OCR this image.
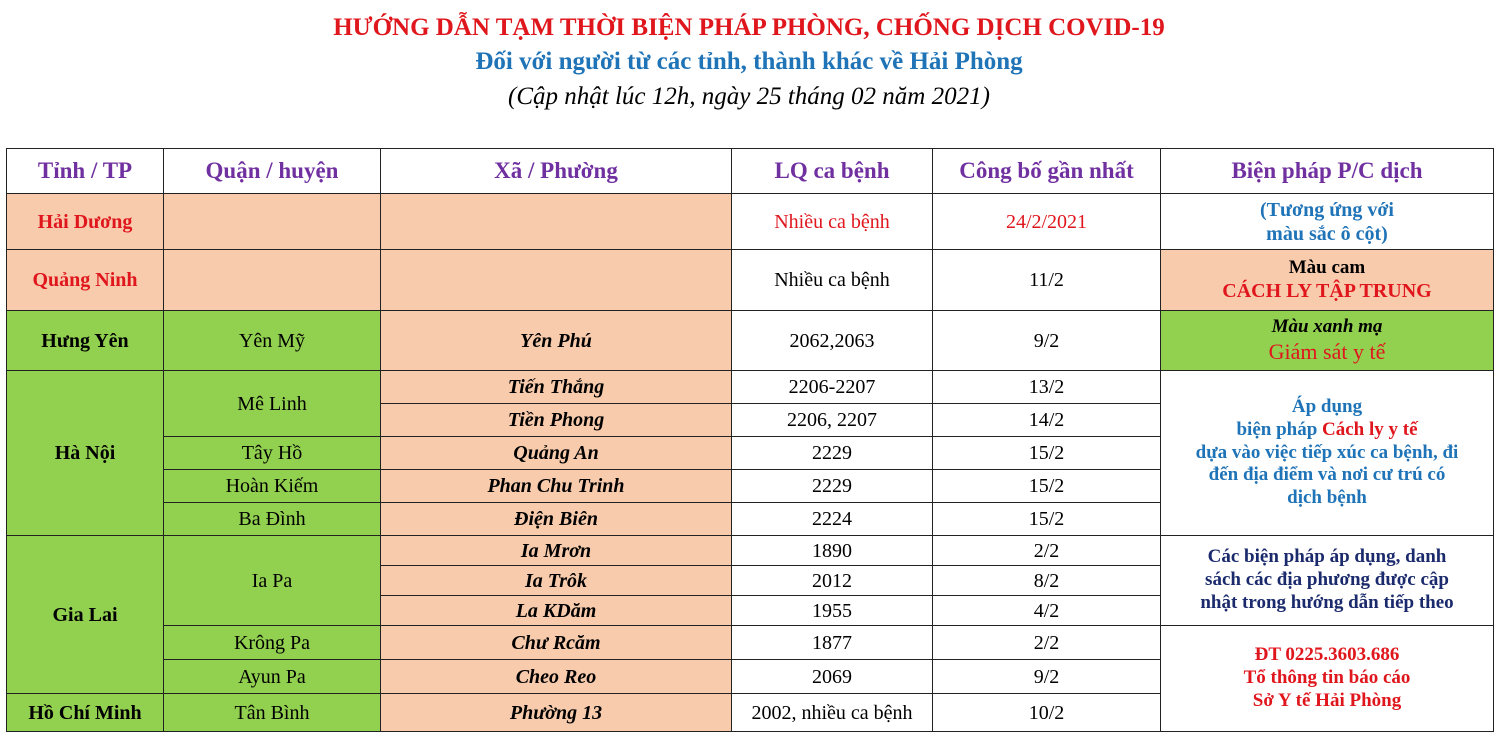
HƯỚNG DẪN TẠM THỜI BIỆN PHÁP PHÒNG, CHỐNG DỊCH COVID-19
Đối với người từ các tỉnh, thành khác về Hải Phòng
(Cập nhật lúc 12h, ngày 25 tháng 02 năm 2021)
Tỉnh / TP	Quận / huyện	Xã / Phường	LQ ca bệnh	Công bố gần nhất	Biện pháp P/C dịch
Hải Dương			Nhiều ca bệnh	24/2/2021	(Tương ứng với
màu sắc ô cột)

Quảng Ninh			Nhiều ca bệnh	11/2	Màu cam
CÁCH LY TẬP TRUNG

Hưng Yên	Yên Mỹ	Yên Phú	2062,2063	9/2	Màu xanh mạ
Giám sát y tế

Hà Nội	Mê Linh	Tiến Thắng	2206-2207	13/2	Áp dụng
biện pháp Cách ly y tế
dựa vào việc tiếp xúc ca bệnh, đi
đến địa điểm và nơi cư trú có
dịch bệnh

		Tiền Phong	2206, 2207	14/2	
	Tây Hồ	Quảng An	2229	15/2	
	Hoàn Kiếm	Phan Chu Trinh	2229	15/2	
	Ba Đình	Điện Biên	2224	15/2	
Gia Lai	Ia Pa	Ia Mrơn	1890	2/2	Các biện pháp áp dụng, danh
sách các địa phương được cập
nhật trong hướng dẫn tiếp theo

		Ia Trôk	2012	8/2	
		La KDăm	1955	4/2	
	Krông Pa	Chư Rcăm	1877	2/2	ĐT 0225.3603.686
Tổ thông tin báo cáo
Sở Y tế Hải Phòng

	Ayun Pa	Cheo Reo	2069	9/2	
Hồ Chí Minh	Tân Bình	Phường 13	2002, nhiều ca bệnh	10/2	
